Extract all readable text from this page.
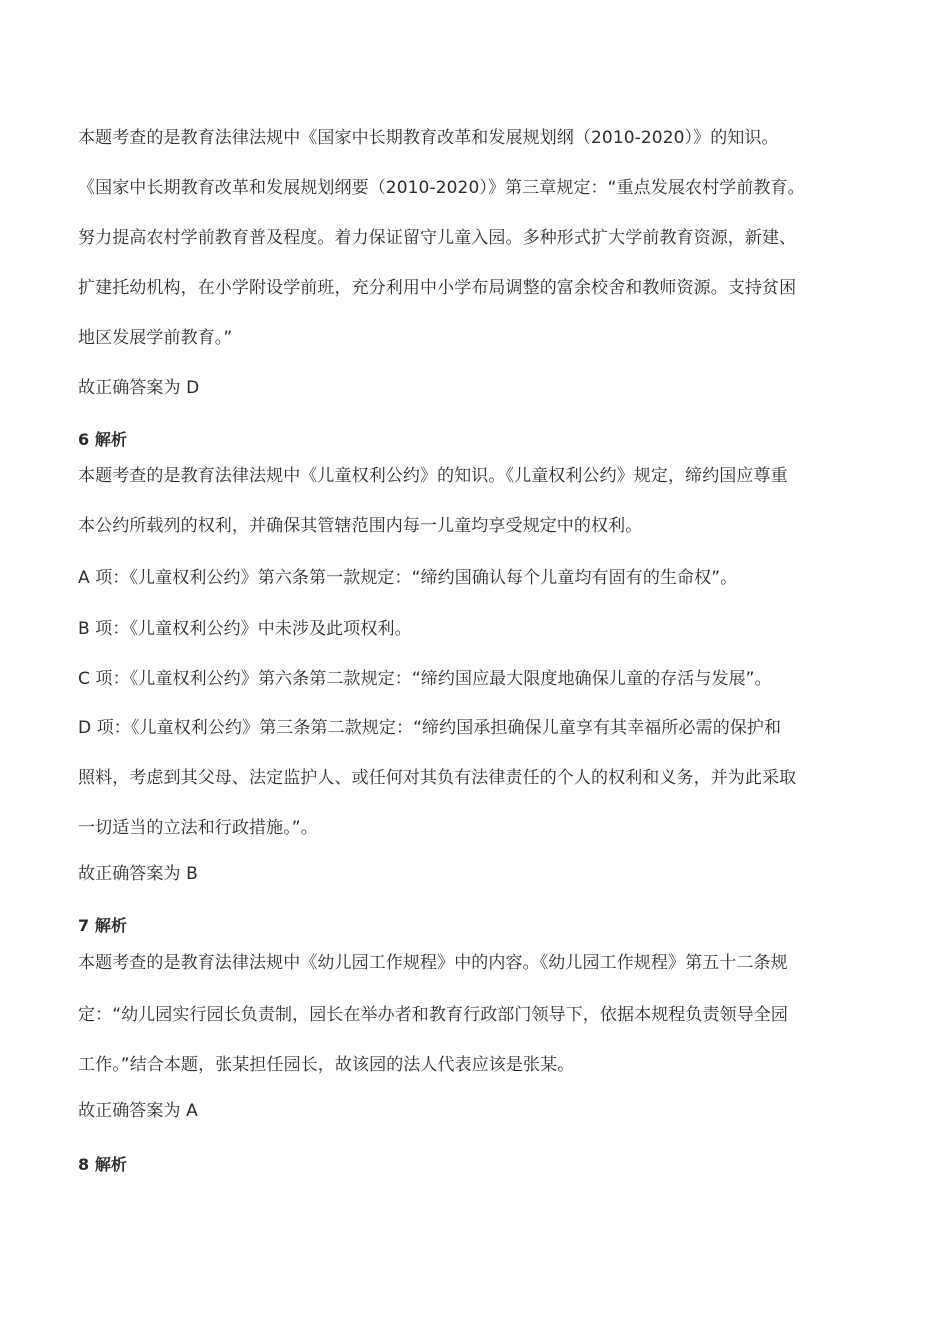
本题考查的是教育法律法规中《国家中长期教育改革和发展规划纲（2010-2020）》的知识。
《国家中长期教育改革和发展规划纲要（2010-2020）》第三章规定：“重点发展农村学前教育。
努力提高农村学前教育普及程度。着力保证留守儿童入园。多种形式扩大学前教育资源，新建、
扩建托幼机构，在小学附设学前班，充分利用中小学布局调整的富余校舍和教师资源。支持贫困
地区发展学前教育。”
故正确答案为 D
6 解析
本题考查的是教育法律法规中《儿童权利公约》的知识。《儿童权利公约》规定，缔约国应尊重
本公约所载列的权利，并确保其管辖范围内每一儿童均享受规定中的权利。
A 项：《儿童权利公约》第六条第一款规定：“缔约国确认每个儿童均有固有的生命权”。
B 项：《儿童权利公约》中未涉及此项权利。
C 项：《儿童权利公约》第六条第二款规定：“缔约国应最大限度地确保儿童的存活与发展”。
D 项：《儿童权利公约》第三条第二款规定：“缔约国承担确保儿童享有其幸福所必需的保护和
照料，考虑到其父母、法定监护人、或任何对其负有法律责任的个人的权利和义务，并为此采取
一切适当的立法和行政措施。”。
故正确答案为 B
7 解析
本题考查的是教育法律法规中《幼儿园工作规程》中的内容。《幼儿园工作规程》第五十二条规
定：“幼儿园实行园长负责制，园长在举办者和教育行政部门领导下，依据本规程负责领导全园
工作。”结合本题，张某担任园长，故该园的法人代表应该是张某。
故正确答案为 A
8 解析
